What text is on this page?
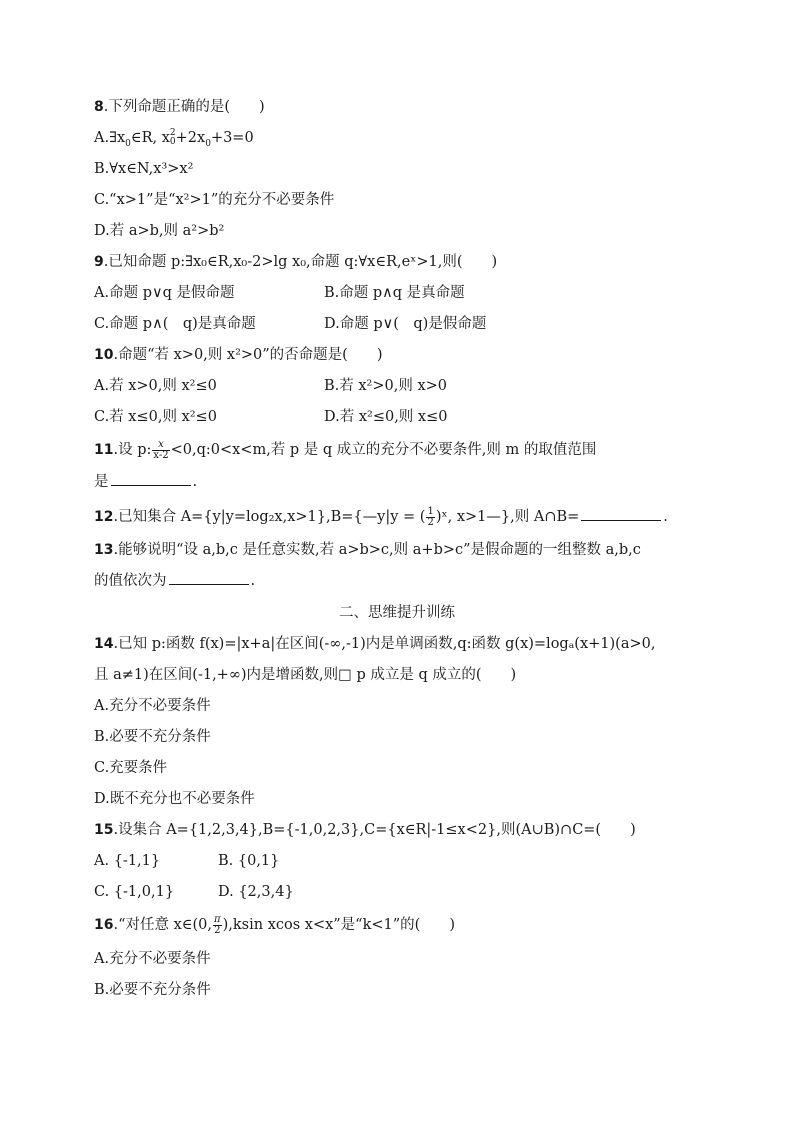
8.下列命题正确的是(　　)
$A.\exists x_0\in R$, x 2
$0 +2x_0+3=0$
B.∀x∈N,x³>x²
C.“x>1”是“x²>1”的充分不必要条件
D.若 a>b,则 a²>b²
9.已知命题 p:∃x₀∈R,x₀-2>lg x₀,命题 q:∀x∈R,eˣ>1,则(　　)
A.命题 p∨q 是假命题	B.命题 p∧q 是真命题
C.命题 p∧(　q)是真命题	D.命题 p∨(　q)是假命题
10.命题“若 x>0,则 x²>0”的否命题是(　　)
A.若 x>0,则 x²≤0	B.若 x²>0,则 x>0
C.若 x≤0,则 x²≤0	D.若 x²≤0,则 x≤0
11.设 p: $\frac{x}{x-2}$ <0,q:0<x<m,若 p 是 q 成立的充分不必要条件,则 m 的取值范围
是	.
12.已知集合 A={y|y=log₂x,x>1},B={—y|y = ( $\frac{1}{2}$ )ˣ, x>1—},则 A∩B=	.
13.能够说明“设 a,b,c 是任意实数,若 a>b>c,则 a+b>c”是假命题的一组整数 a,b,c
的值依次为	.
二、思维提升训练
14.已知 p:函数 f(x)=|x+a|在区间(-∞,-1)内是单调函数,q:函数 g(x)=logₐ(x+1)(a>0,
且 a≠1)在区间(-1,+∞)内是增函数,则□ p 成立是 q 成立的(　　)
A.充分不必要条件
B.必要不充分条件
C.充要条件
D.既不充分也不必要条件
15.设集合 A={1,2,3,4},B={-1,0,2,3},C={x∈R|-1≤x<2},则(A∪B)∩C=(　　)
A. {-1,1}	B. {0,1}
C. {-1,0,1}	D. {2,3,4}
16.“对任意 x∈(0, $\frac{\pi}{2} ),ksin$ xcos x<x”是“k<1”的(　　)
A.充分不必要条件
B.必要不充分条件
